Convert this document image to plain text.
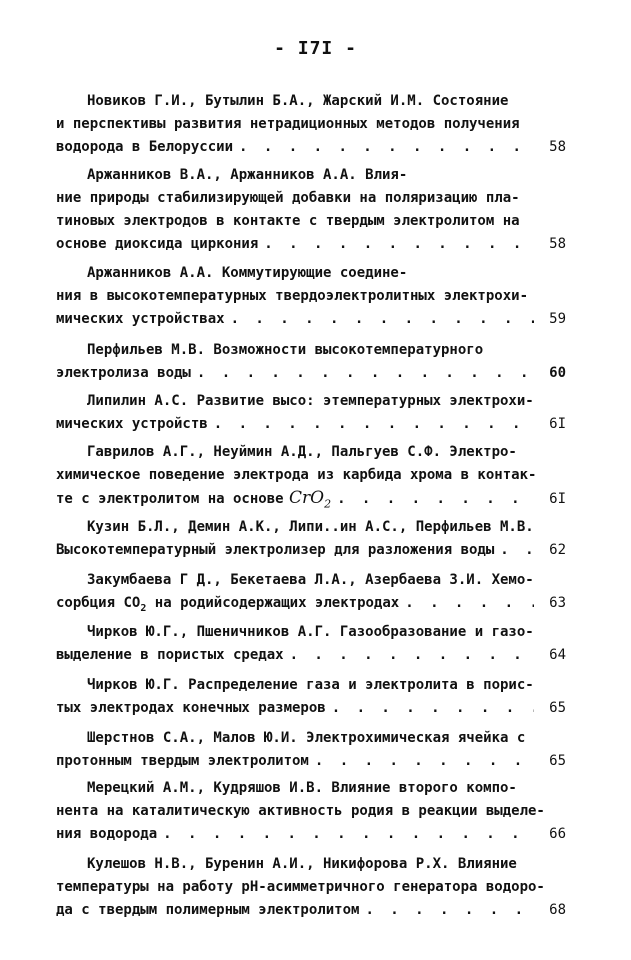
- I7I -
Новиков Г.И., Бутылин Б.А., Жарский И.М. Состояние
и перспективы развития нетрадиционных методов получения
водорода в Белоруссии . . .	58
Аржанников В.А., Аржанников А.А. Влия-
ние природы стабилизирующей добавки на поляризацию пла-
тиновых электродов в контакте с твердым электролитом на
основе диоксида циркония . . .	58
Аржанников А.А. Коммутирующие соедине-
ния в высокотемпературных твердоэлектролитных электрохи-
мических устройствах . . .	59
Перфильев М.В. Возможности высокотемпературного
электролиза воды . . .	60
Липилин А.С. Развитие высо: этемпературных электрохи-
мических устройств . . .	6I
Гаврилов А.Г., Неуймин А.Д., Пальгуев С.Ф. Электро-
химическое поведение электрода из карбида хрома в контак-
те с электролитом на основе CrO$_2$ . . .	6I
Кузин Б.Л., Демин А.К., Липи..ин А.С., Перфильев М.В.
Высокотемпературный электролизер для разложения воды . . .	62
Закумбаева Г Д., Бекетаева Л.А., Азербаева З.И. Хемо-
сорбция $CO_2$ на родийсодержащих электродах . . .	63
Чирков Ю.Г., Пшеничников А.Г. Газообразование и газо-
выделение в пористых средах . . .	64
Чирков Ю.Г. Распределение газа и электролита в порис-
тых электродах конечных размеров . . .	65
Шерстнов С.А., Малов Ю.И. Электрохимическая ячейка с
протонным твердым электролитом . . .	65
Мерецкий А.М., Кудряшов И.В. Влияние второго компо-
нента на каталитическую активность родия в реакции выделе-
ния водорода . . .	66
Кулешов Н.В., Буренин А.И., Никифорова Р.Х. Влияние
температуры на работу pH-асимметричного генератора водоро-
да с твердым полимерным электролитом . . .	68
